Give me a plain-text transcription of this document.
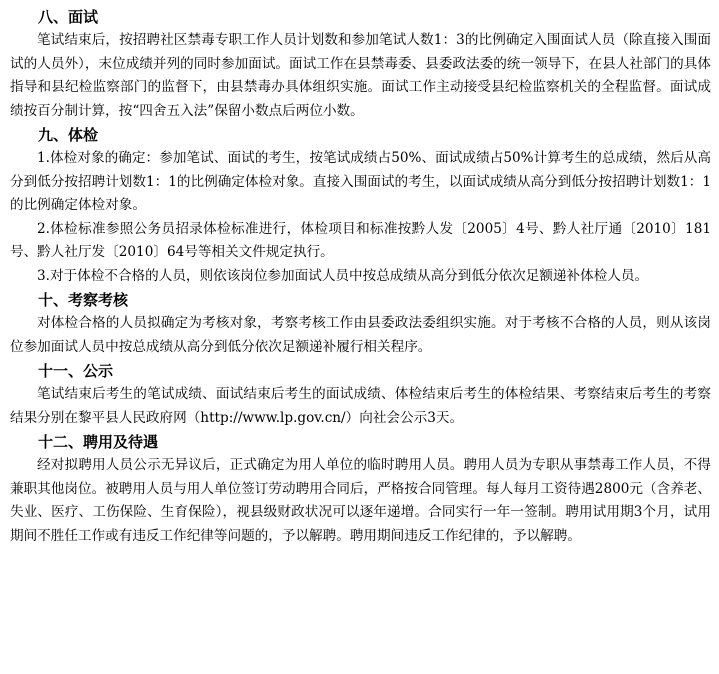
八、面试

笔试结束后，按招聘社区禁毒专职工作人员计划数和参加笔试人数1：3的比例确定入围面试人员（除直接入围面试的人员外），末位成绩并列的同时参加面试。面试工作在县禁毒委、县委政法委的统一领导下，在县人社部门的具体指导和县纪检监察部门的监督下，由县禁毒办具体组织实施。面试工作主动接受县纪检监察机关的全程监督。面试成绩按百分制计算，按“四舍五入法”保留小数点后两位小数。

九、体检

1.体检对象的确定：参加笔试、面试的考生，按笔试成绩占50%、面试成绩占50%计算考生的总成绩，然后从高分到低分按招聘计划数1：1的比例确定体检对象。直接入围面试的考生，以面试成绩从高分到低分按招聘计划数1：1的比例确定体检对象。

2.体检标准参照公务员招录体检标准进行，体检项目和标准按黔人发〔2005〕4号、黔人社厅通〔2010〕181号、黔人社厅发〔2010〕64号等相关文件规定执行。

3.对于体检不合格的人员，则依该岗位参加面试人员中按总成绩从高分到低分依次足额递补体检人员。

十、考察考核

对体检合格的人员拟确定为考核对象，考察考核工作由县委政法委组织实施。对于考核不合格的人员，则从该岗位参加面试人员中按总成绩从高分到低分依次足额递补履行相关程序。

十一、公示

笔试结束后考生的笔试成绩、面试结束后考生的面试成绩、体检结束后考生的体检结果、考察结束后考生的考察结果分别在黎平县人民政府网（http://www.lp.gov.cn/）向社会公示3天。

十二、聘用及待遇

经对拟聘用人员公示无异议后，正式确定为用人单位的临时聘用人员。聘用人员为专职从事禁毒工作人员，不得兼职其他岗位。被聘用人员与用人单位签订劳动聘用合同后，严格按合同管理。每人每月工资待遇2800元（含养老、失业、医疗、工伤保险、生育保险），视县级财政状况可以逐年递增。合同实行一年一签制。聘用试用期3个月，试用期间不胜任工作或有违反工作纪律等问题的，予以解聘。聘用期间违反工作纪律的，予以解聘。
